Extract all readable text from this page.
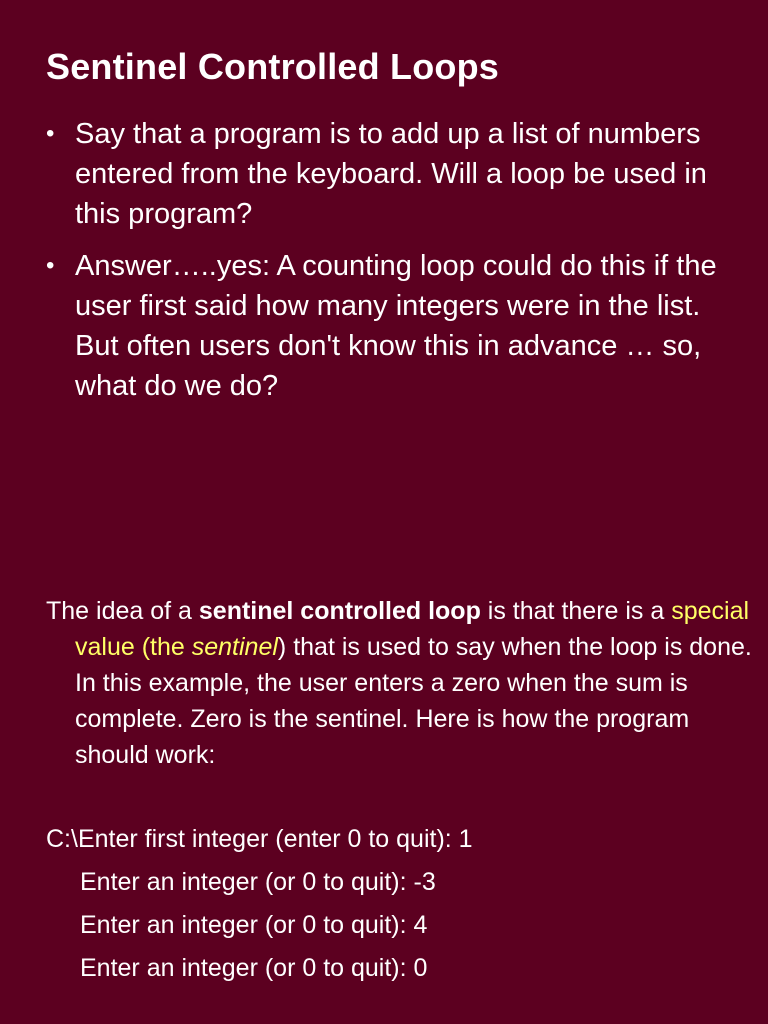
Sentinel Controlled Loops
• Say that a program is to add up a list of numbers entered from the keyboard. Will a loop be used in this program?
• Answer…..yes: A counting loop could do this if the user first said how many integers were in the list. But often users don't know this in advance … so, what do we do?

The idea of a sentinel controlled loop is that there is a special value (the sentinel) that is used to say when the loop is done. In this example, the user enters a zero when the sum is complete. Zero is the sentinel. Here is how the program should work:

C:\Enter first integer (enter 0 to quit): 1
Enter an integer (or 0 to quit): -3
Enter an integer (or 0 to quit): 4
Enter an integer (or 0 to quit): 0
